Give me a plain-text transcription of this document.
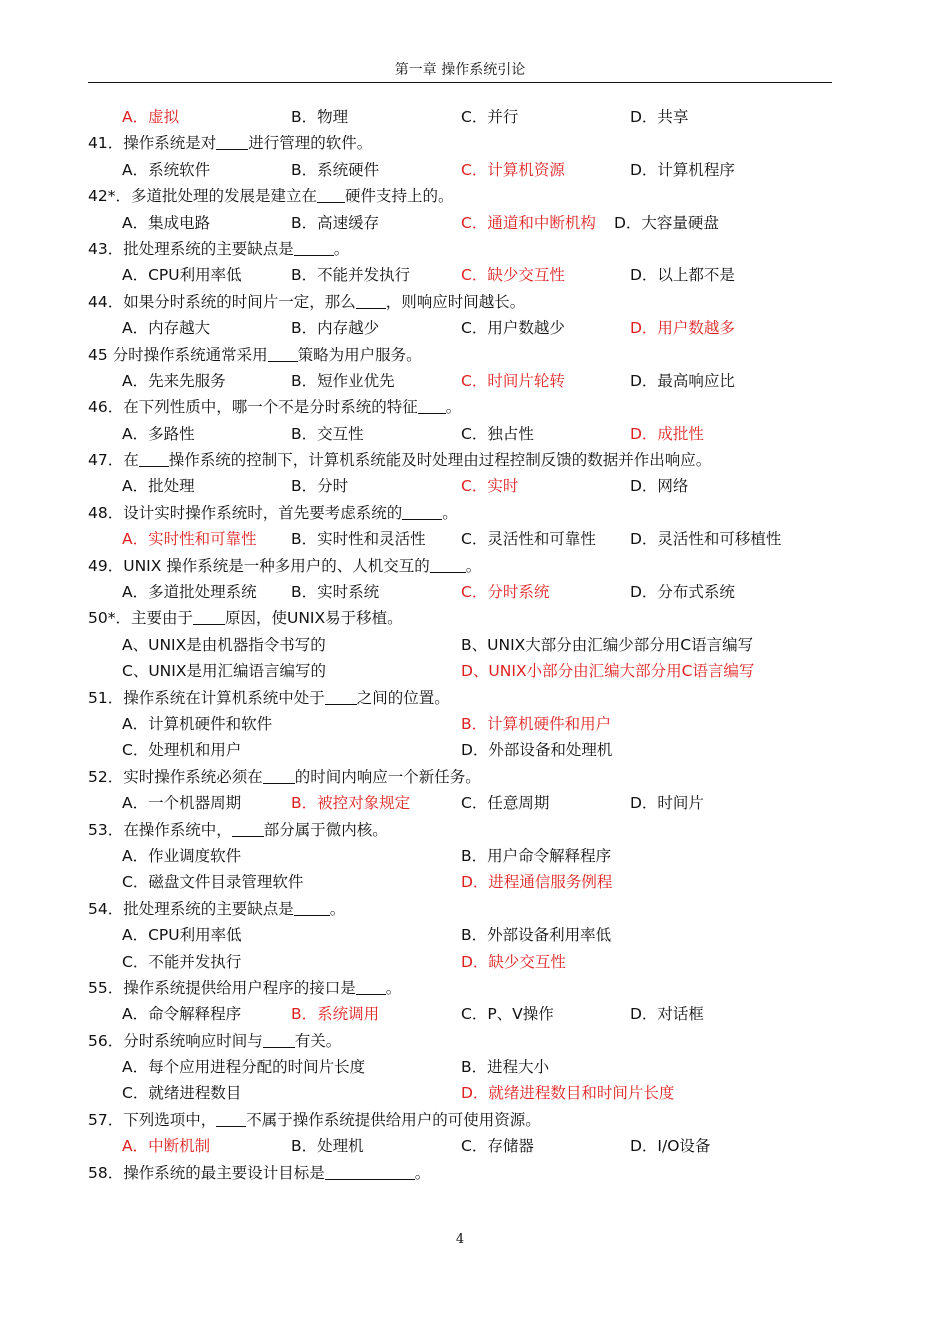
第一章 操作系统引论
A．虚拟	B．物理	C．并行	D．共享
41．操作系统是对 进行管理的软件。
A．系统软件	B．系统硬件	C．计算机资源	D．计算机程序
42*．多道批处理的发展是建立在 硬件支持上的。
A．集成电路	B．高速缓存	C．通道和中断机构 D．大容量硬盘
43．批处理系统的主要缺点是	。
A．CPU利用率低	B．不能并发执行	C．缺少交互性	D．以上都不是
44．如果分时系统的时间片一定，那么 ，则响应时间越长。
A．内存越大	B．内存越少	C．用户数越少	D．用户数越多
45 分时操作系统通常采用 策略为用户服务。
A．先来先服务	B．短作业优先	C．时间片轮转	D．最高响应比
46．在下列性质中，哪一个不是分时系统的特征 。
A．多路性	B．交互性	C．独占性	D．成批性
47．在 操作系统的控制下，计算机系统能及时处理由过程控制反馈的数据并作出响应。
A．批处理	B．分时	C．实时	D．网络
48．设计实时操作系统时，首先要考虑系统的	。
A．实时性和可靠性 B．实时性和灵活性 C．灵活性和可靠性 D．灵活性和可移植性
49．UNIX 操作系统是一种多用户的、人机交互的 。
A．多道批处理系统 B．实时系统	C．分时系统	D．分布式系统
50*．主要由于 原因，使UNIX易于移植。
A、UNIX是由机器指令书写的	B、UNIX大部分由汇编少部分用C语言编写
C、UNIX是用汇编语言编写的	D、UNIX小部分由汇编大部分用C语言编写
51．操作系统在计算机系统中处于 之间的位置。
A．计算机硬件和软件	B．计算机硬件和用户
C．处理机和用户	D．外部设备和处理机
52．实时操作系统必须在 的时间内响应一个新任务。
A．一个机器周期	B．被控对象规定	C．任意周期	D．时间片
53．在操作系统中， 部分属于微内核。
A．作业调度软件	B．用户命令解释程序
C．磁盘文件目录管理软件	D．进程通信服务例程
54．批处理系统的主要缺点是 。
A．CPU利用率低	B．外部设备利用率低
C．不能并发执行	D．缺少交互性
55．操作系统提供给用户程序的接口是 。
A．命令解释程序	B．系统调用	C．P、V操作	D．对话框
56．分时系统响应时间与 有关。
A．每个应用进程分配的时间片长度	B．进程大小
C．就绪进程数目	D．就绪进程数目和时间片长度
57．下列选项中， 不属于操作系统提供给用户的可使用资源。
A．中断机制	B．处理机	C．存储器	D．I/O设备
58．操作系统的最主要设计目标是	。
4
